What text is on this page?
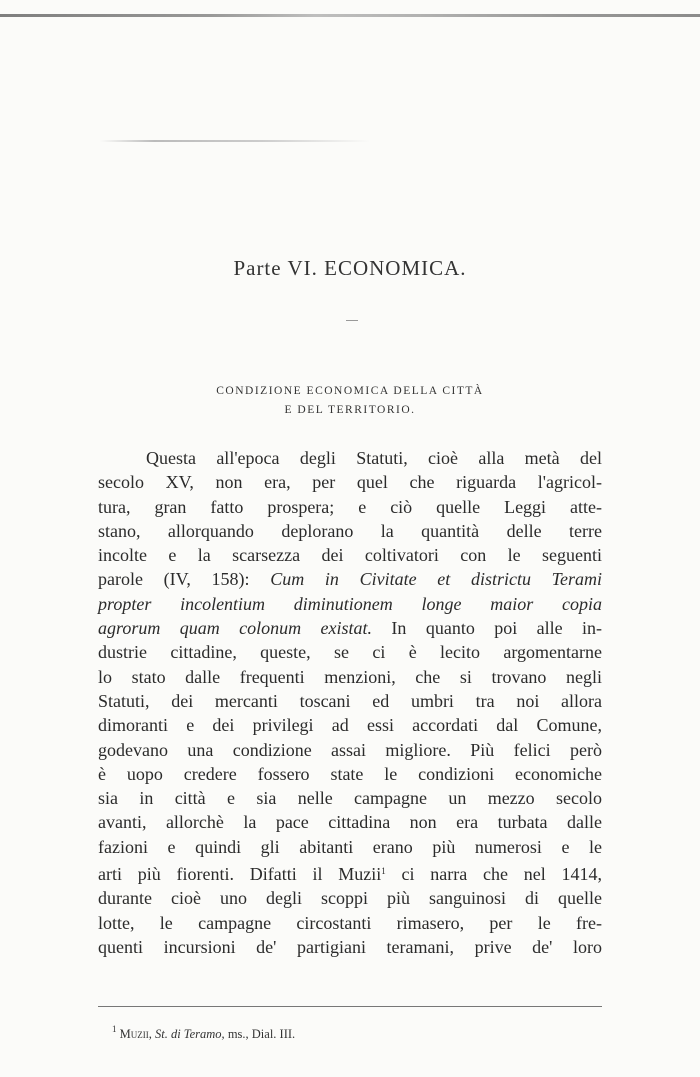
Parte VI. ECONOMICA.
CONDIZIONE ECONOMICA DELLA CITTÀ
E DEL TERRITORIO.
Questa all'epoca degli Statuti, cioè alla metà del
secolo XV, non era, per quel che riguarda l'agricol-
tura, gran fatto prospera; e ciò quelle Leggi atte-
stano, allorquando deplorano la quantità delle terre
incolte e la scarsezza dei coltivatori con le seguenti
parole (IV, 158): Cum in Civitate et districtu Terami
propter incolentium diminutionem longe maior copia
agrorum quam colonum existat. In quanto poi alle in-
dustrie cittadine, queste, se ci è lecito argomentarne
lo stato dalle frequenti menzioni, che si trovano negli
Statuti, dei mercanti toscani ed umbri tra noi allora
dimoranti e dei privilegi ad essi accordati dal Comune,
godevano una condizione assai migliore. Più felici però
è uopo credere fossero state le condizioni economiche
sia in città e sia nelle campagne un mezzo secolo
avanti, allorchè la pace cittadina non era turbata dalle
fazioni e quindi gli abitanti erano più numerosi e le
arti più fiorenti. Difatti il Muzii$^1$ ci narra che nel 1414,
durante cioè uno degli scoppi più sanguinosi di quelle
lotte, le campagne circostanti rimasero, per le fre-
quenti incursioni de' partigiani teramani, prive de' loro
$^1$ Muzii, St. di Teramo, ms., Dial. III.
